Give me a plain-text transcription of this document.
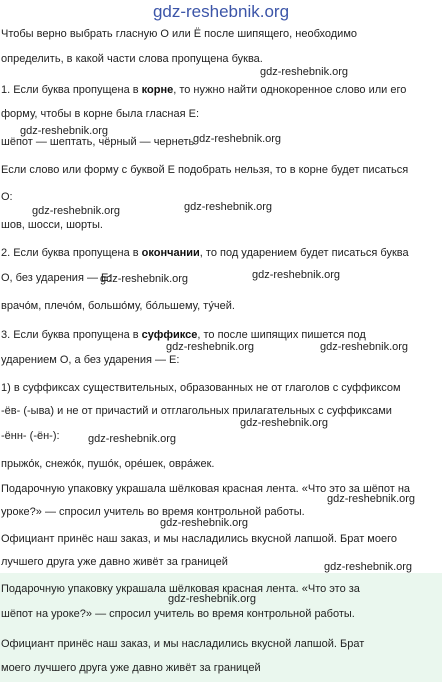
gdz-reshebnik.org
Чтобы верно выбрать гласную О или Ё после шипящего, необходимо
определить, в какой части слова пропущена буква.
1. Если буква пропущена в корне, то нужно найти однокоренное слово или его
форму, чтобы в корне была гласная Е:
шёпот — шептать, чёрный — чернеть
Если слово или форму с буквой Е подобрать нельзя, то в корне будет писаться
О:
шов, шосси, шорты.
2. Если буква пропущена в окончании, то под ударением будет писаться буква
О, без ударения — Е:
врачо́м, плечо́м, большо́му, бо́льшему, ту́чей.
3. Если буква пропущена в суффиксе, то после шипящих пишется под
ударением О, а без ударения — Е:
1) в суффиксах существительных, образованных не от глаголов с суффиксом
-ёв- (-ыва) и не от причастий и отглагольных прилагательных с суффиксами
-ённ- (-ён-):
прыжо́к, снежо́к, пушо́к, оре́шек, овра́жек.
Подарочную упаковку украшала шёлковая красная лента. «Что это за шёпот на
уроке?» — спросил учитель во время контрольной работы.
Официант принёс наш заказ, и мы насладились вкусной лапшой. Брат моего
лучшего друга уже давно живёт за границей
Подарочную упаковку украшала шёлковая красная лента. «Что это за
шёпот на уроке?» — спросил учитель во время контрольной работы.
Официант принёс наш заказ, и мы насладились вкусной лапшой. Брат
моего лучшего друга уже давно живёт за границей
gdz-reshebnik.org
gdz-reshebnik.org
gdz-reshebnik.org
gdz-reshebnik.org	gdz-reshebnik.org
gdz-reshebnik.org	gdz-reshebnik.org
gdz-reshebnik.org	gdz-reshebnik.org
gdz-reshebnik.org
gdz-reshebnik.org
gdz-reshebnik.org
gdz-reshebnik.org
gdz-reshebnik.org
gdz-reshebnik.org
